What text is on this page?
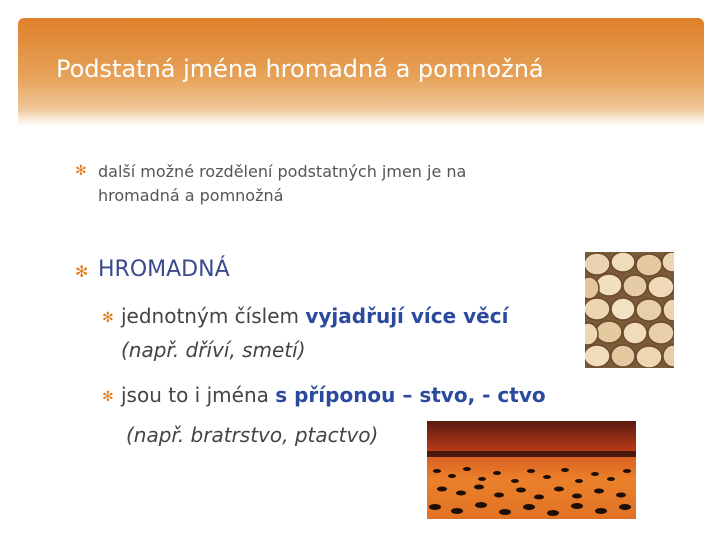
Podstatná jména hromadná a pomnožná
✻ další možné rozdělení podstatných jmen je na
hromadná a pomnožná
✻ HROMADNÁ
✻ jednotným číslem vyjadřují více věcí
(např. dříví, smetí)
✻ jsou to i jména s příponou – stvo, - ctvo
(např. bratrstvo, ptactvo)
